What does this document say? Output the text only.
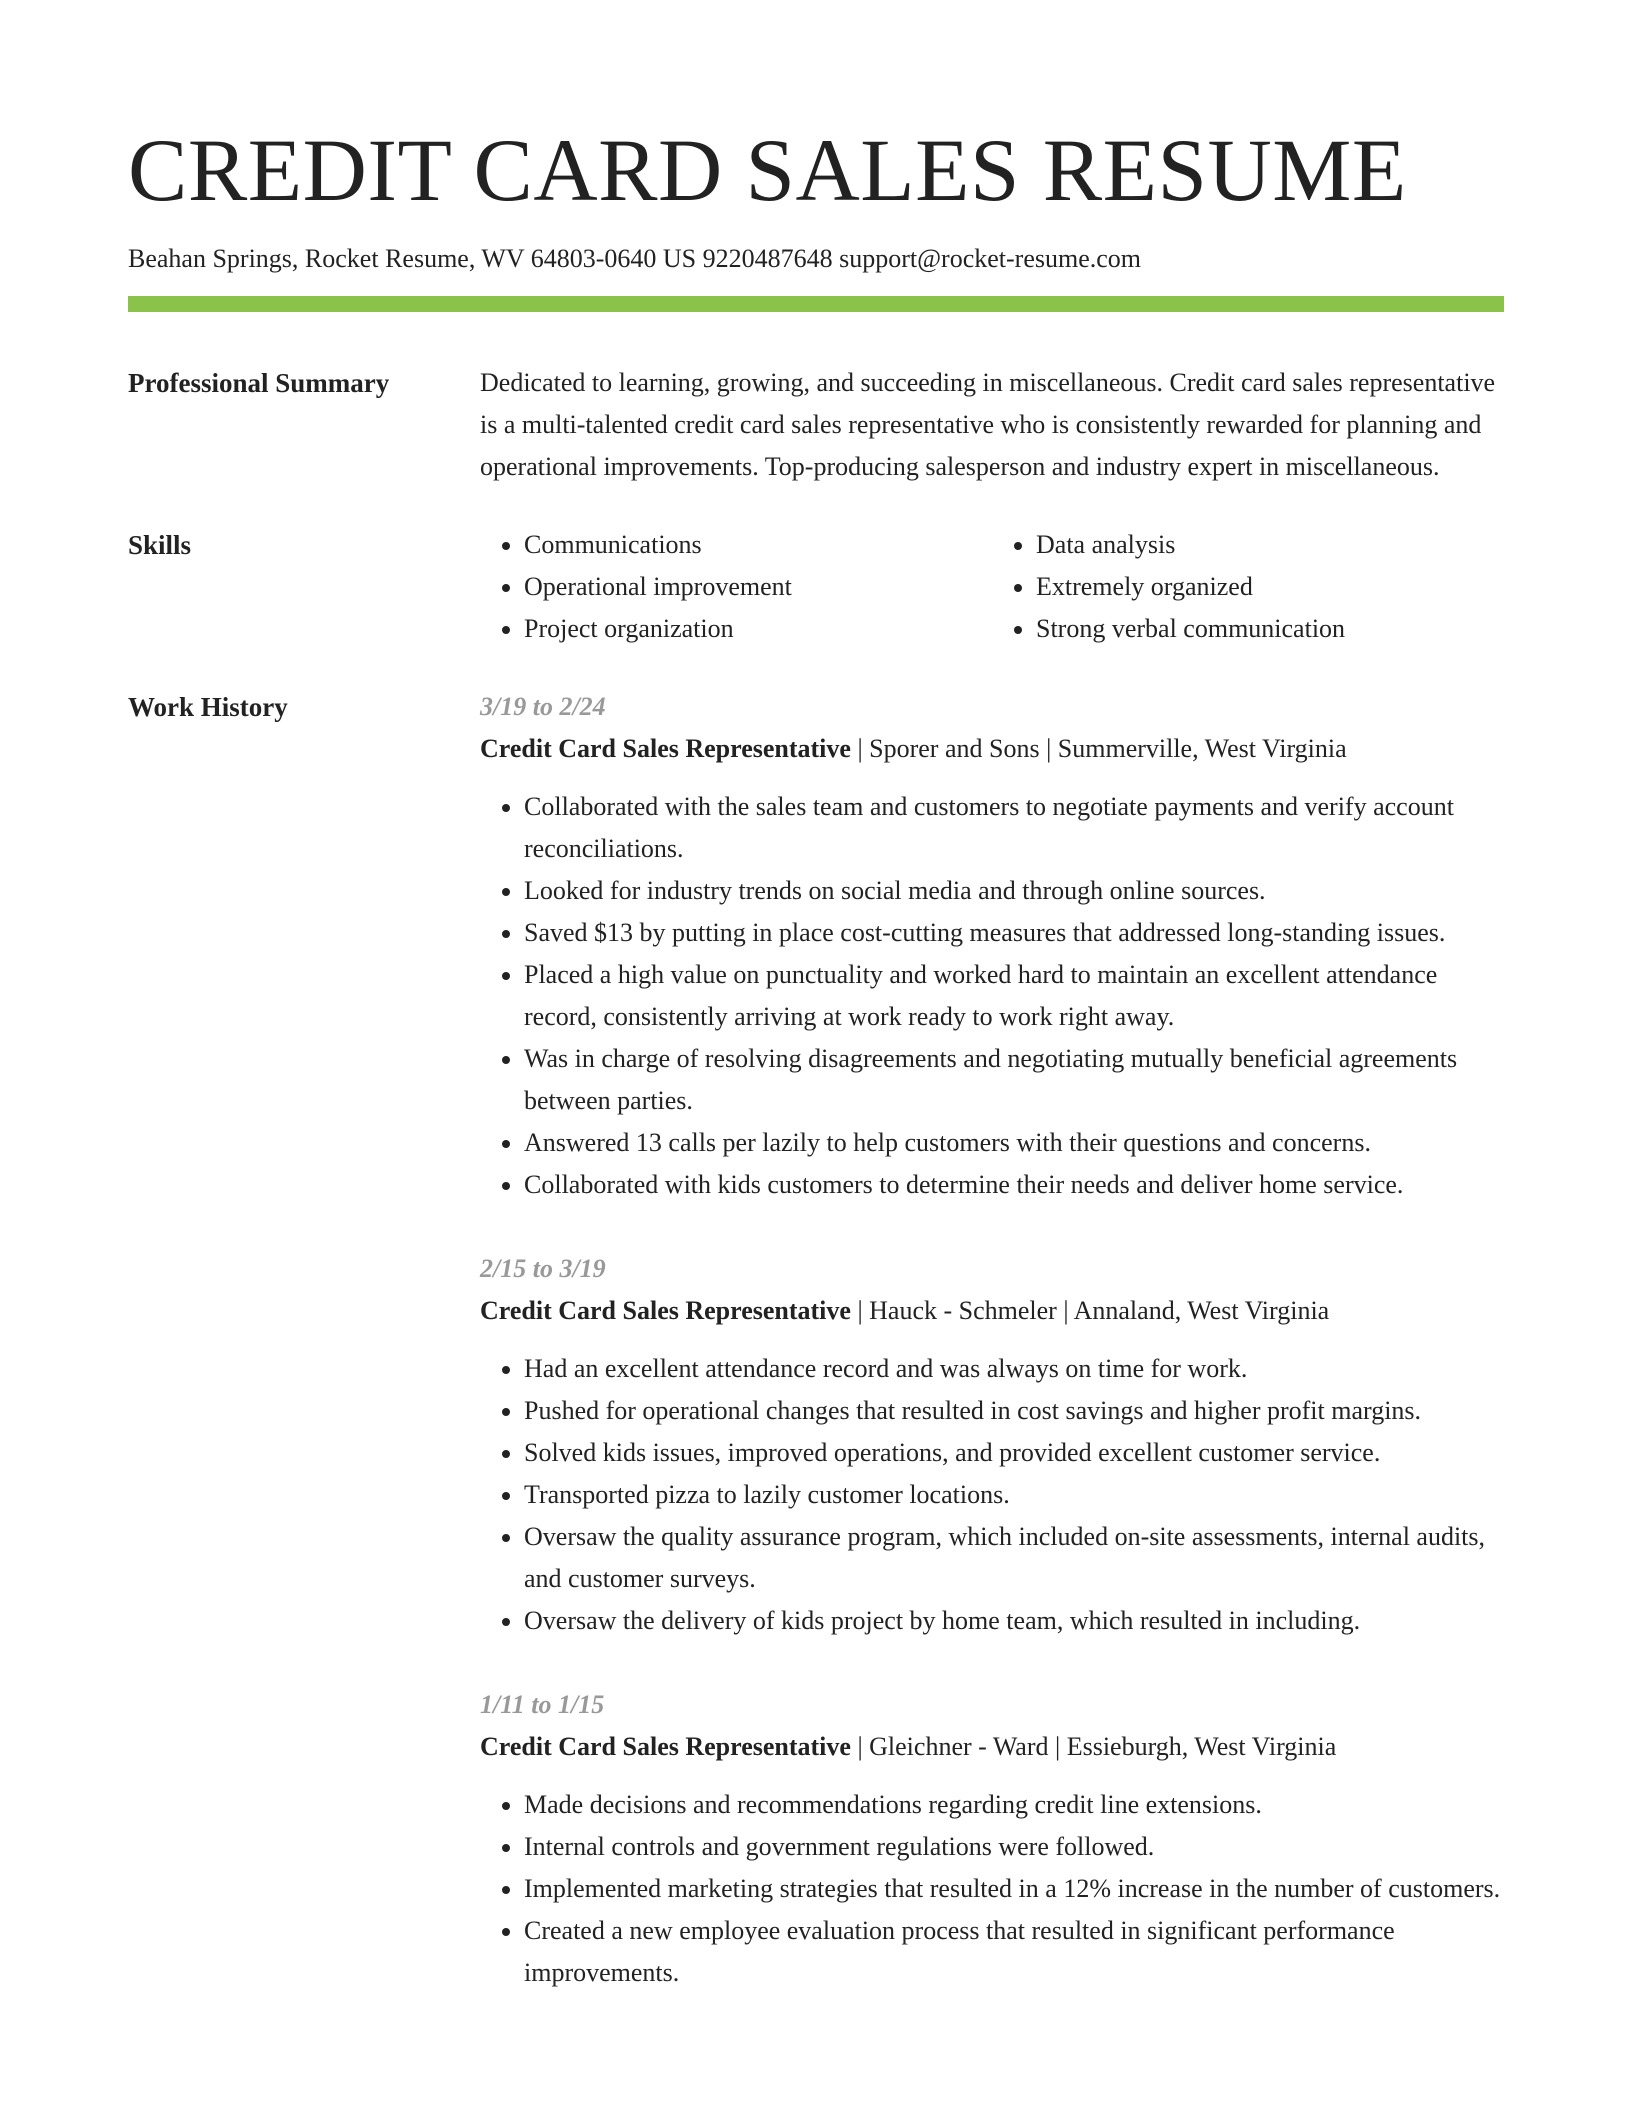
CREDIT CARD SALES RESUME
Beahan Springs, Rocket Resume, WV 64803-0640 US 9220487648 support@rocket-resume.com
Professional Summary	Dedicated to learning, growing, and succeeding in miscellaneous. Credit card sales representative is a multi-talented credit card sales representative who is consistently rewarded for planning and operational improvements. Top-producing salesperson and industry expert in miscellaneous.

Skills
•	Communications
• Operational improvement
• Project organization
• Data analysis
• Extremely organized
• Strong verbal communication
Work History	3/19 to 2/24
Credit Card Sales Representative | Sporer and Sons | Summerville, West Virginia
• Collaborated with the sales team and customers to negotiate payments and verify account reconciliations.
• Looked for industry trends on social media and through online sources.
• Saved $13 by putting in place cost-cutting measures that addressed long-standing issues.
• Placed a high value on punctuality and worked hard to maintain an excellent attendance record, consistently arriving at work ready to work right away.
• Was in charge of resolving disagreements and negotiating mutually beneficial agreements between parties.
• Answered 13 calls per lazily to help customers with their questions and concerns.
• Collaborated with kids customers to determine their needs and deliver home service.
2/15 to 3/19
Credit Card Sales Representative | Hauck - Schmeler | Annaland, West Virginia
• Had an excellent attendance record and was always on time for work.
• Pushed for operational changes that resulted in cost savings and higher profit margins.
• Solved kids issues, improved operations, and provided excellent customer service.
• Transported pizza to lazily customer locations.
• Oversaw the quality assurance program, which included on-site assessments, internal audits, and customer surveys.
• Oversaw the delivery of kids project by home team, which resulted in including.
1/11 to 1/15
Credit Card Sales Representative | Gleichner - Ward | Essieburgh, West Virginia
• Made decisions and recommendations regarding credit line extensions.
• Internal controls and government regulations were followed.
• Implemented marketing strategies that resulted in a 12% increase in the number of customers.
• Created a new employee evaluation process that resulted in significant performance improvements.
